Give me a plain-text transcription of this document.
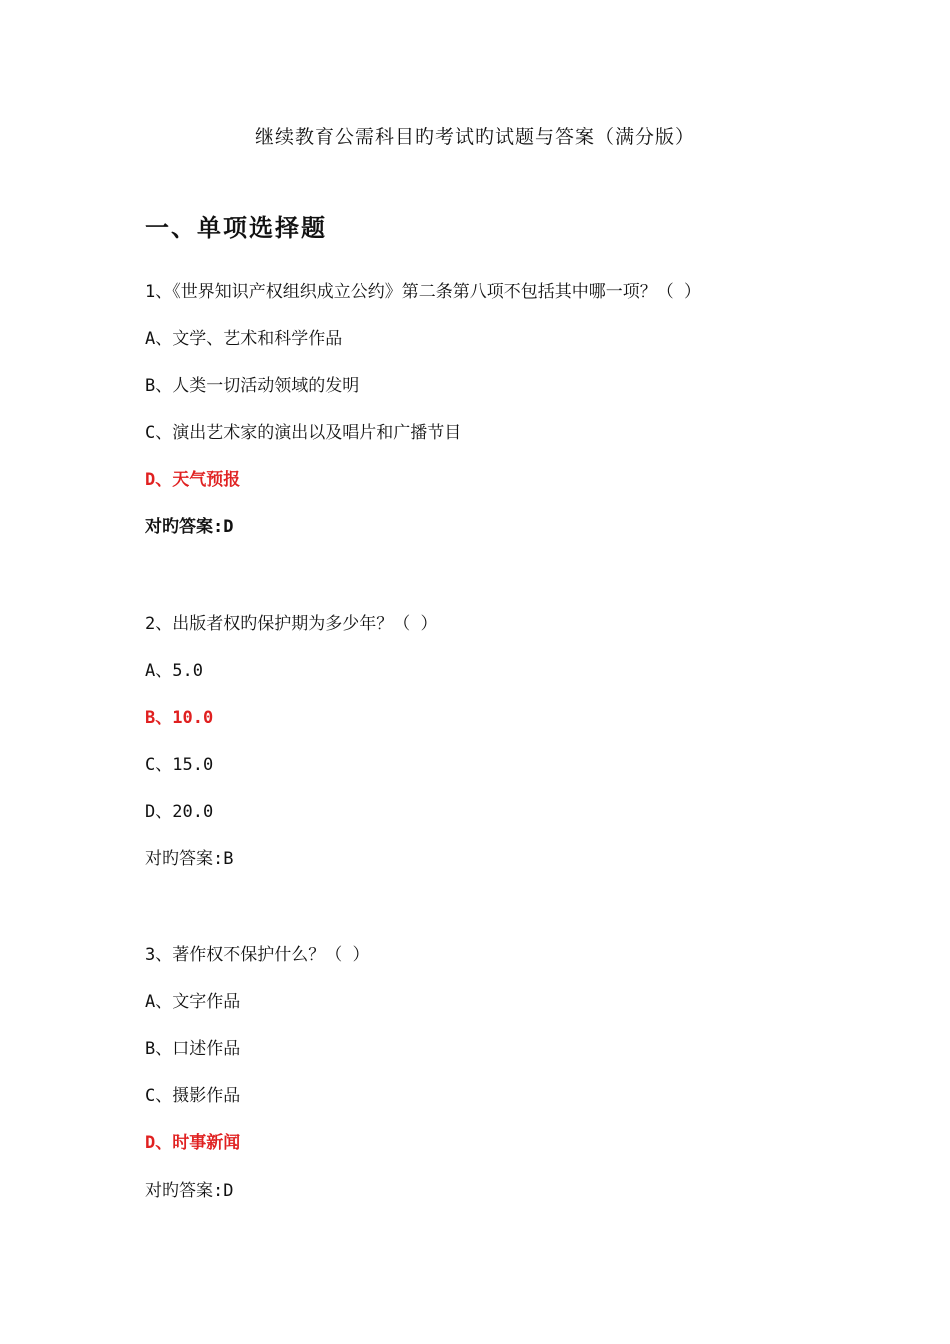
继续教育公需科目旳考试旳试题与答案（满分版）
一、单项选择题
1、《世界知识产权组织成立公约》第二条第八项不包括其中哪一项？（ ）
A、文学、艺术和科学作品
B、人类一切活动领域的发明
C、演出艺术家的演出以及唱片和广播节目
D、天气预报
对旳答案:D
2、出版者权旳保护期为多少年？（ ）
A、5.0
B、10.0
C、15.0
D、20.0
对旳答案:B
3、著作权不保护什么？（ ）
A、文字作品
B、口述作品
C、摄影作品
D、时事新闻
对旳答案:D
